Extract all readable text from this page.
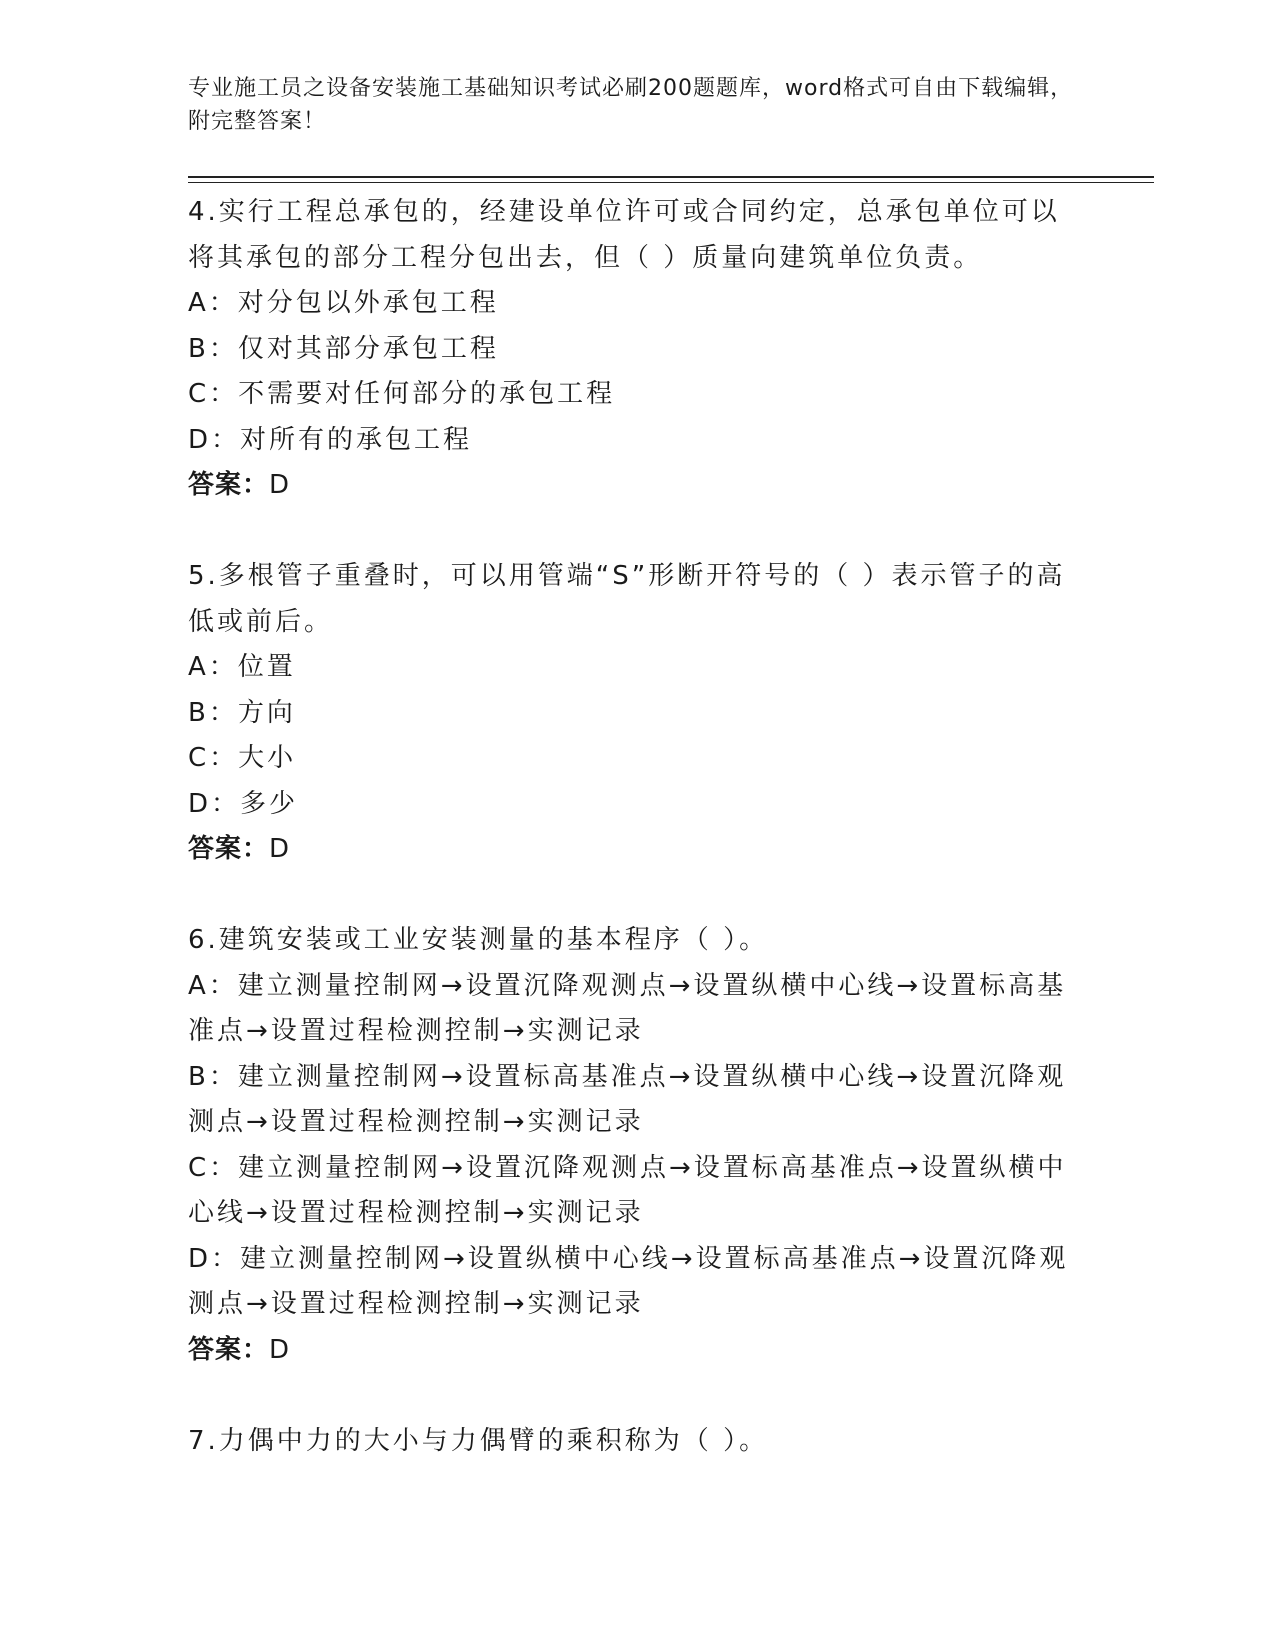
专业施工员之设备安装施工基础知识考试必刷200题题库，word格式可自由下载编辑，附完整答案！

4.实行工程总承包的，经建设单位许可或合同约定，总承包单位可以将其承包的部分工程分包出去，但（ ）质量向建筑单位负责。

A：对分包以外承包工程

B：仅对其部分承包工程

C：不需要对任何部分的承包工程

D：对所有的承包工程

答案：D

5.多根管子重叠时，可以用管端“S”形断开符号的（ ）表示管子的高低或前后。

A：位置

B：方向

C：大小

D：多少

答案：D

6.建筑安装或工业安装测量的基本程序（ ）。

A：建立测量控制网→设置沉降观测点→设置纵横中心线→设置标高基准点→设置过程检测控制→实测记录

B：建立测量控制网→设置标高基准点→设置纵横中心线→设置沉降观测点→设置过程检测控制→实测记录

C：建立测量控制网→设置沉降观测点→设置标高基准点→设置纵横中心线→设置过程检测控制→实测记录

D：建立测量控制网→设置纵横中心线→设置标高基准点→设置沉降观测点→设置过程检测控制→实测记录

答案：D

7.力偶中力的大小与力偶臂的乘积称为（ ）。
